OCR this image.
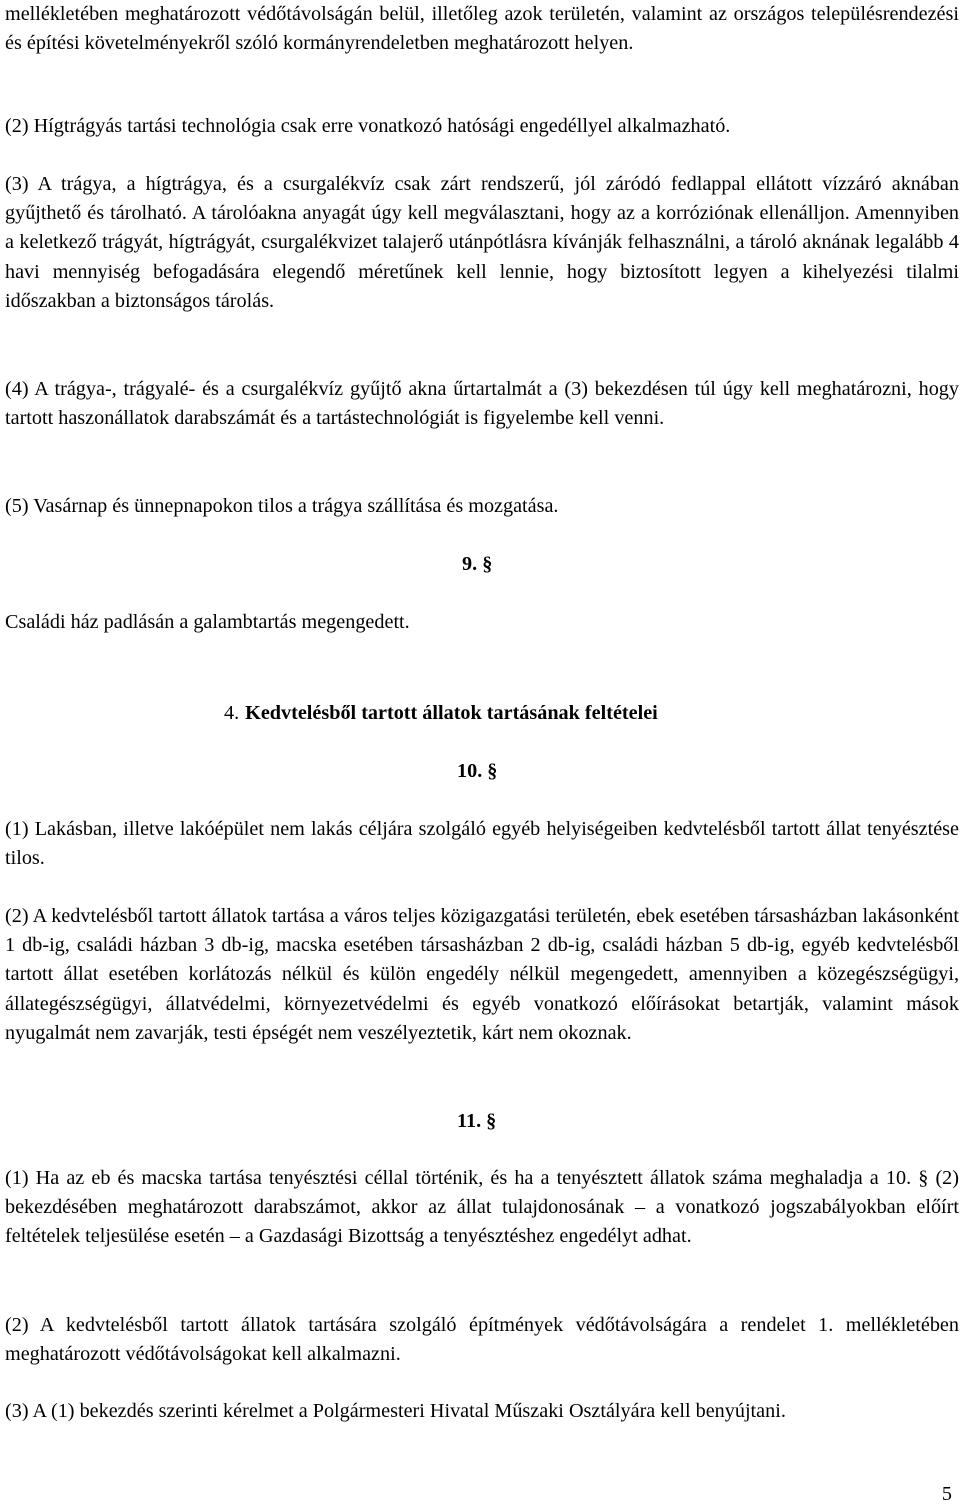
mellékletében meghatározott védőtávolságán belül, illetőleg azok területén, valamint az országos településrendezési és építési követelményekről szóló kormányrendeletben meghatározott helyen.

(2) Hígtrágyás tartási technológia csak erre vonatkozó hatósági engedéllyel alkalmazható.

(3) A trágya, a hígtrágya, és a csurgalékvíz csak zárt rendszerű, jól záródó fedlappal ellátott vízzáró aknában gyűjthető és tárolható. A tárolóakna anyagát úgy kell megválasztani, hogy az a korróziónak ellenálljon. Amennyiben a keletkező trágyát, hígtrágyát, csurgalékvizet talajerő utánpótlásra kívánják felhasználni, a tároló aknának legalább 4 havi mennyiség befogadására elegendő méretűnek kell lennie, hogy biztosított legyen a kihelyezési tilalmi időszakban a biztonságos tárolás.

(4) A trágya-, trágyalé- és a csurgalékvíz gyűjtő akna űrtartalmát a (3) bekezdésen túl úgy kell meghatározni, hogy tartott haszonállatok darabszámát és a tartástechnológiát is figyelembe kell venni.

(5) Vasárnap és ünnepnapokon tilos a trágya szállítása és mozgatása.

9. §

Családi ház padlásán a galambtartás megengedett.

4. Kedvtelésből tartott állatok tartásának feltételei
10. §

(1) Lakásban, illetve lakóépület nem lakás céljára szolgáló egyéb helyiségeiben kedvtelésből tartott állat tenyésztése tilos.

(2) A kedvtelésből tartott állatok tartása a város teljes közigazgatási területén, ebek esetében társasházban lakásonként 1 db-ig, családi házban 3 db-ig, macska esetében társasházban 2 db-ig, családi házban 5 db-ig, egyéb kedvtelésből tartott állat esetében korlátozás nélkül és külön engedély nélkül megengedett, amennyiben a közegészségügyi, állategészségügyi, állatvédelmi, környezetvédelmi és egyéb vonatkozó előírásokat betartják, valamint mások nyugalmát nem zavarják, testi épségét nem veszélyeztetik, kárt nem okoznak.

11. §

(1) Ha az eb és macska tartása tenyésztési céllal történik, és ha a tenyésztett állatok száma meghaladja a 10. § (2) bekezdésében meghatározott darabszámot, akkor az állat tulajdonosának – a vonatkozó jogszabályokban előírt feltételek teljesülése esetén – a Gazdasági Bizottság a tenyésztéshez engedélyt adhat.

(2) A kedvtelésből tartott állatok tartására szolgáló építmények védőtávolságára a rendelet 1. mellékletében meghatározott védőtávolságokat kell alkalmazni.

(3) A (1) bekezdés szerinti kérelmet a Polgármesteri Hivatal Műszaki Osztályára kell benyújtani.

5
